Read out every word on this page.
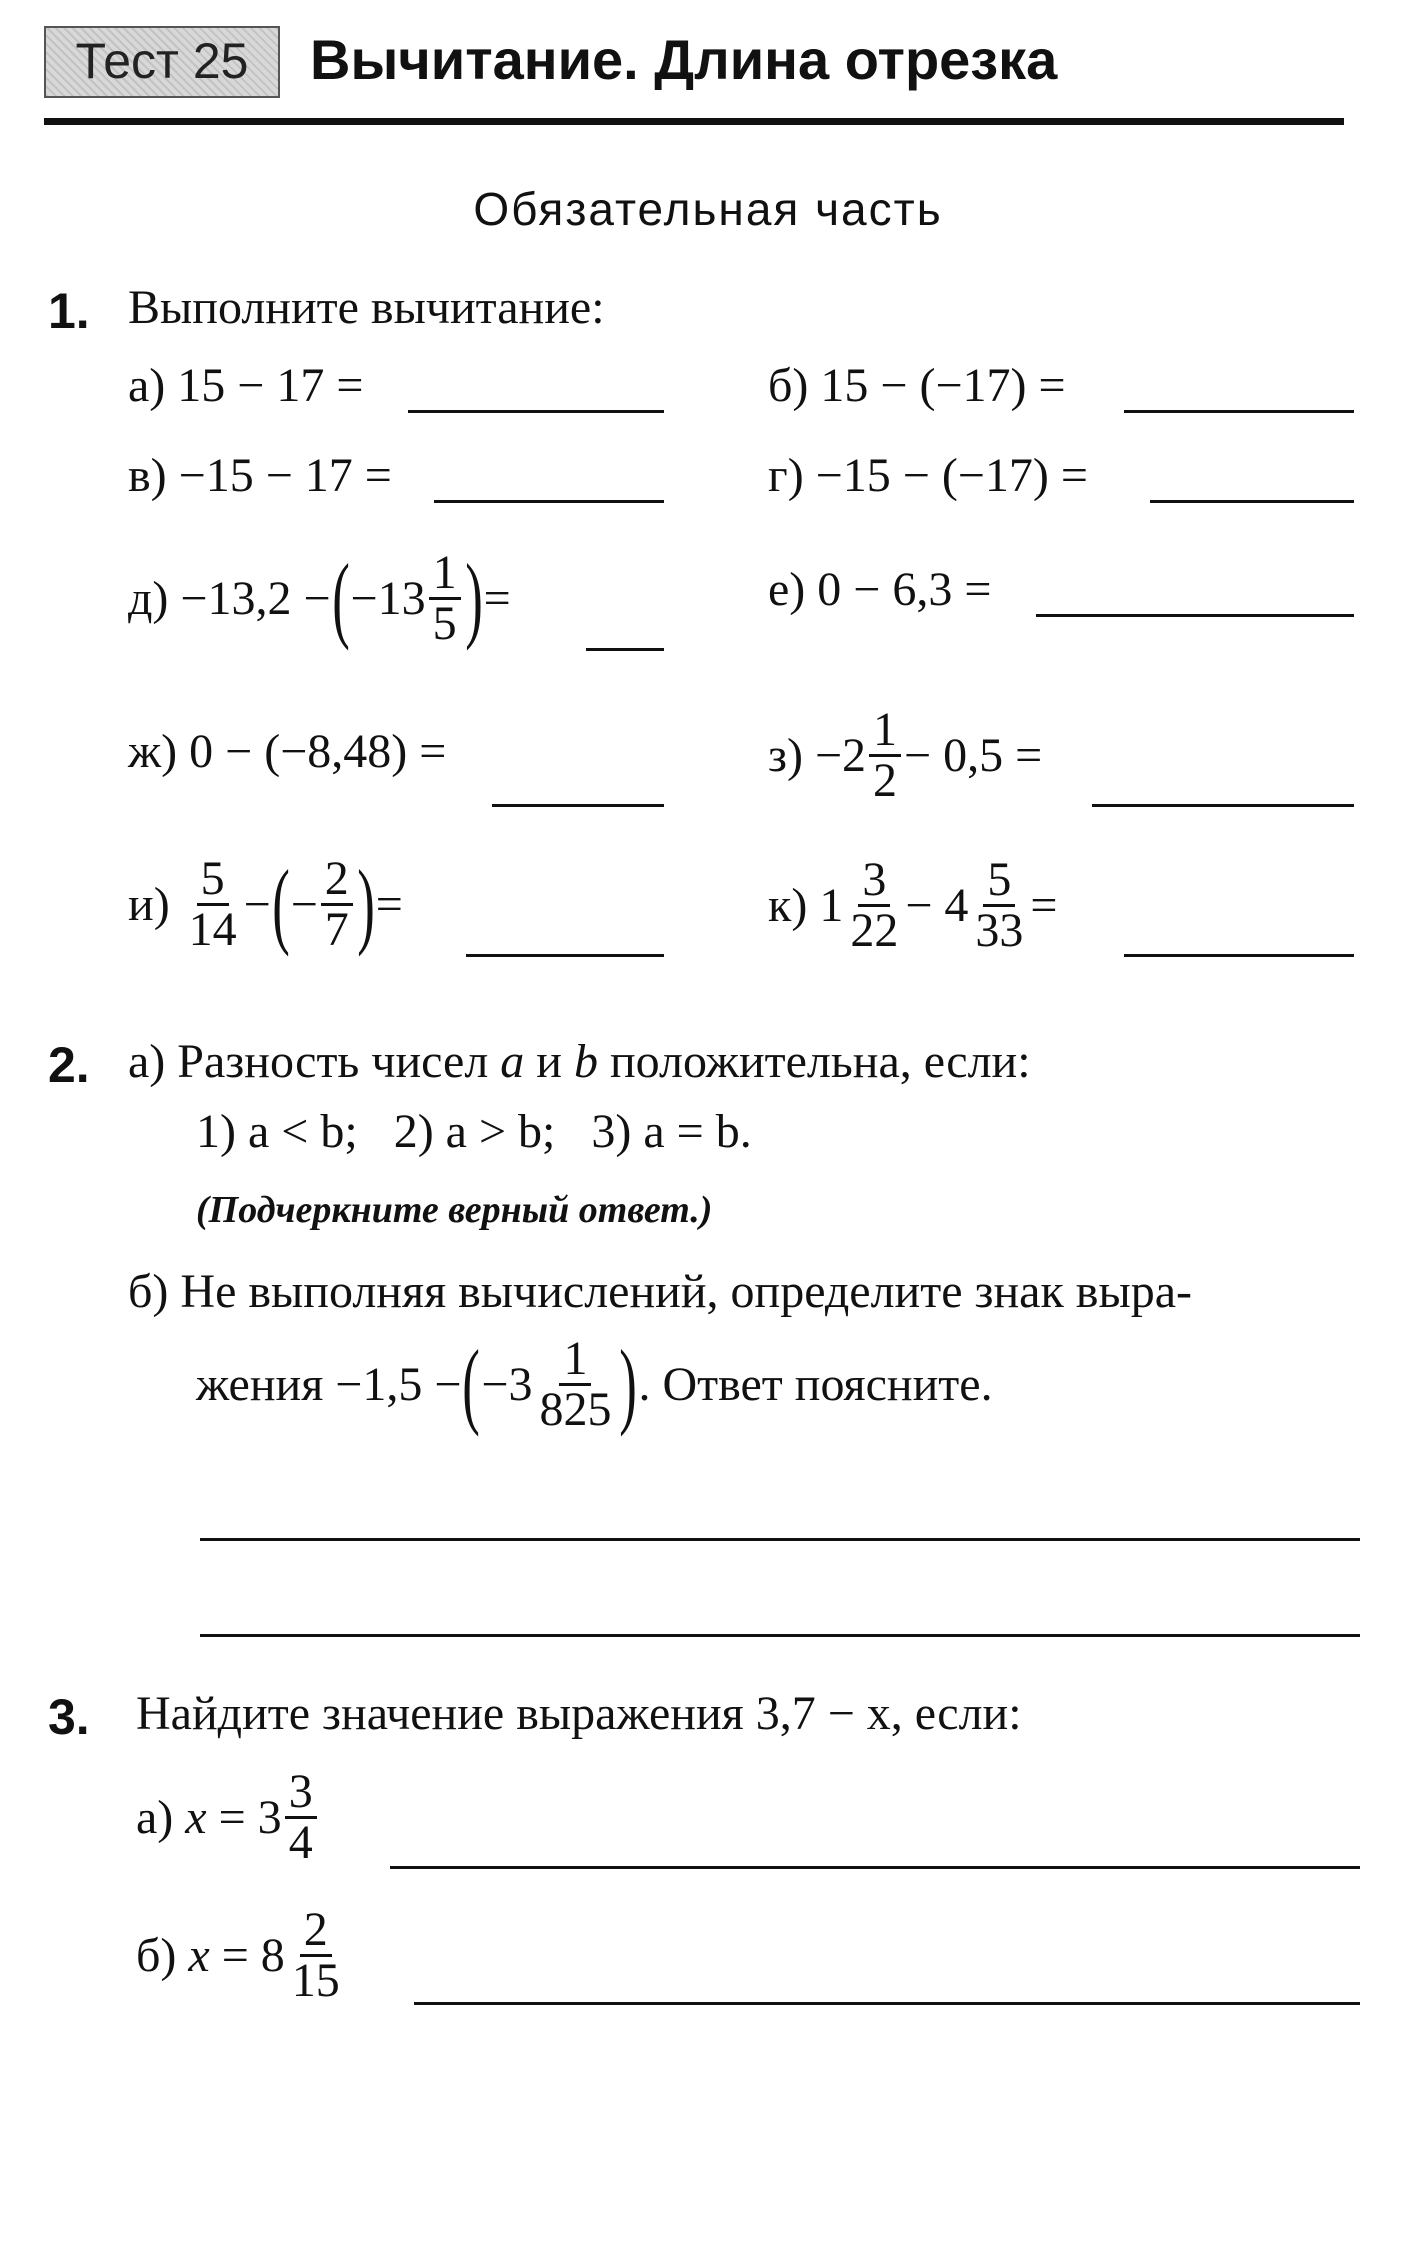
Тест 25	Вычитание. Длина отрезка
Обязательная часть
1. Выполните вычитание:
а)
15 − 17 =	б)
15 − (−17) =
в)
−15 − 17 =	г)
−15 − (−17) =
д)
−13,2 − ( $-13 \frac{1}{5}$ ) =	е)
0 − 6,3 =
ж)
0 − (−8,48) =	з)
$-2 \frac{1}{2} - 0,5$ =
и)
$\frac{5}{14}$ − ( − $\frac{2}{7}$ ) =	к)
$1 \frac{3}{22} - 4 \frac{5}{33}$ =
2. а) Разность чисел a и b положительна, если:
1) a < b;   2) a > b;   3) a = b.
(Подчеркните верный ответ.)
б) Не выполняя вычислений, определите знак выра-
жения −1,5 − ( $-3 \frac{1}{825}$ ) . Ответ поясните.
3. Найдите значение выражения 3,7 − x, если:
а)
x
= $3 \frac{3}{4}$
б)
x
= $8 \frac{2}{15}$
